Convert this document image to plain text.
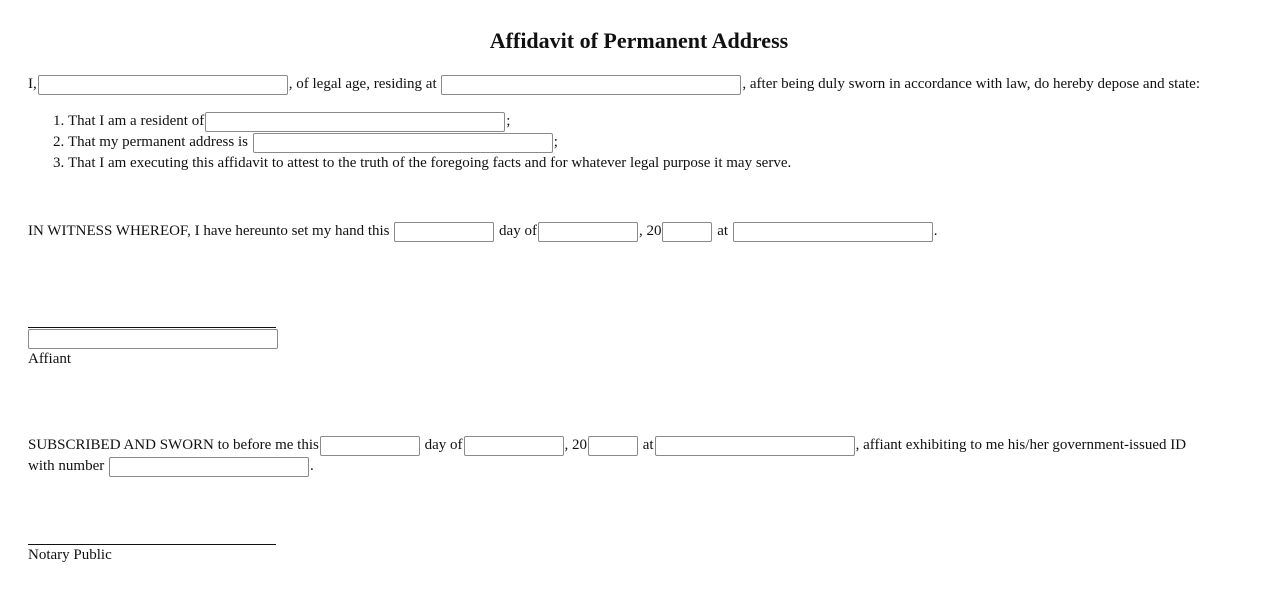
Affidavit of Permanent Address
I,	, of legal age, residing at	, after being duly sworn in accordance with law, do hereby depose and state:
1. That I am a resident of	;
2. That my permanent address is	;
3. That I am executing this affidavit to attest to the truth of the foregoing facts and for whatever legal purpose it may serve.
IN WITNESS WHEREOF, I have hereunto set my hand this	day of	, 20	at	.
Affiant
SUBSCRIBED AND SWORN to before me this	day of	, 20	at	, affiant exhibiting to me his/her government-issued ID
with number	.
Notary Public
